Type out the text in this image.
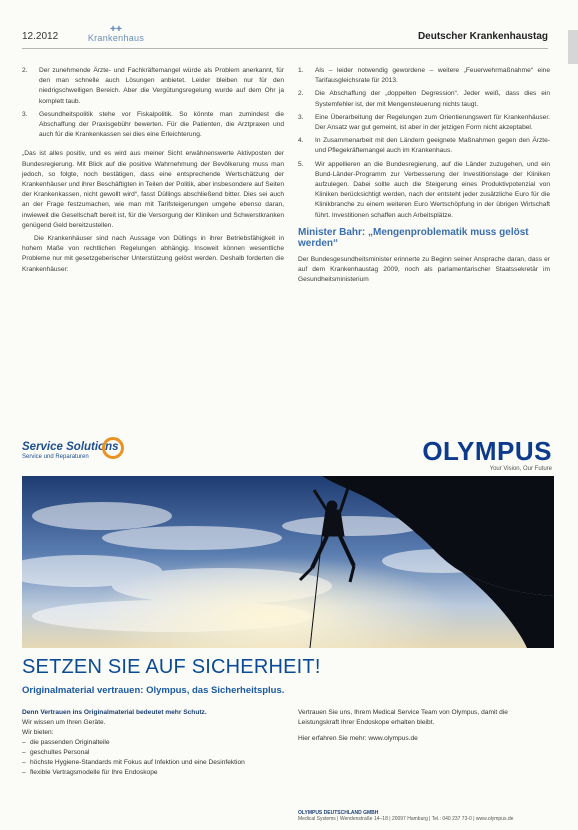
12.2012
✚✚
Krankenhaus	Deutscher Krankenhaustag
2. Der zunehmende Ärzte- und Fachkräftemangel würde als Problem anerkannt, für den man schnelle auch Lösungen anbietet. Leider bleiben nur für den niedrigschwelligen Bereich. Aber die Vergütungsregelung wurde auf dem Ohr ja komplett taub.
3. Gesundheitspolitik stehe vor Fiskalpolitik. So könnte man zumindest die Abschaffung der Praxisgebühr bewerten. Für die Patienten, die Arztpraxen und auch für die Krankenkassen sei dies eine Erleichterung.

„Das ist alles positiv, und es wird aus meiner Sicht erwähnenswerte Aktivposten der Bundesregierung. Mit Blick auf die positive Wahrnehmung der Bevölkerung muss man jedoch, so folgte, noch bestätigen, dass eine entsprechende Wertschätzung der Krankenhäuser und ihrer Beschäftigten in Teilen der Politik, aber insbesondere auf Seiten der Krankenkassen, nicht gewollt wird“, fasst Düllings abschließend bitter. Dies sei auch an der Frage festzumachen, wie man mit Tarifsteigerungen umgehe ebenso daran, inwieweit die Gesellschaft bereit ist, für die Versorgung der Kliniken und Schwerstkranken genügend Geld bereitzustellen.

Die Krankenhäuser sind nach Aussage von Düllings in ihrer Betriebsfähigkeit in hohem Maße von rechtlichen Regelungen abhängig. Insoweit können wesentliche Probleme nur mit gesetzgeberischer Unterstützung gelöst werden. Deshalb forderten die Krankenhäuser:

1. Als – leider notwendig gewordene – weitere „Feuerwehrmaßnahme“ eine Tarifausgleichsrate für 2013.
2. Die Abschaffung der „doppelten Degression“. Jeder weiß, dass dies ein Systemfehler ist, der mit Mengensteuerung nichts taugt.
3. Eine Überarbeitung der Regelungen zum Orientierungswert für Krankenhäuser. Der Ansatz war gut gemeint, ist aber in der jetzigen Form nicht akzeptabel.
4. In Zusammenarbeit mit den Ländern geeignete Maßnahmen gegen den Ärzte- und Pflegekräftemangel auch im Krankenhaus.
5. Wir appellieren an die Bundesregierung, auf die Länder zuzugehen, und ein Bund-Länder-Programm zur Verbesserung der Investitionslage der Kliniken aufzulegen. Dabei sollte auch die Steigerung eines Produktivpotenzial von Kliniken berücksichtigt werden, nach der entsteht jeder zusätzliche Euro für die Klinikbranche zu einem weiteren Euro Wertschöpfung in der übrigen Wirtschaft führt. Investitionen schaffen auch Arbeitsplätze.
Minister Bahr: „Mengenproblematik muss gelöst werden“

Der Bundesgesundheitsminister erinnerte zu Beginn seiner Ansprache daran, dass er auf dem Krankenhaustag 2009, noch als parlamentarischer Staatssekretär im Gesundheitsministerium

Service Solutions
Service und Reparaturen	OLYMPUS
Your Vision, Our Future
SETZEN SIE AUF SICHERHEIT!
Originalmaterial vertrauen: Olympus, das Sicherheitsplus.
Denn Vertrauen ins Originalmaterial bedeutet mehr Schutz.
Wir wissen um Ihren Geräte.
Wir bieten:
– die passenden Originalteile
– geschultes Personal
– höchste Hygiene-Standards mit Fokus auf Infektion und eine Desinfektion
– flexible Vertragsmodelle für Ihre Endoskope

Vertrauen Sie uns, Ihrem Medical Service Team von Olympus, damit die Leistungskraft Ihrer Endoskope erhalten bleibt.

Hier erfahren Sie mehr: www.olympus.de

OLYMPUS DEUTSCHLAND GMBH
Medical Systems | Wendenstraße 14–18 | 20097 Hamburg | Tel.: 040 237 73-0 | www.olympus.de
